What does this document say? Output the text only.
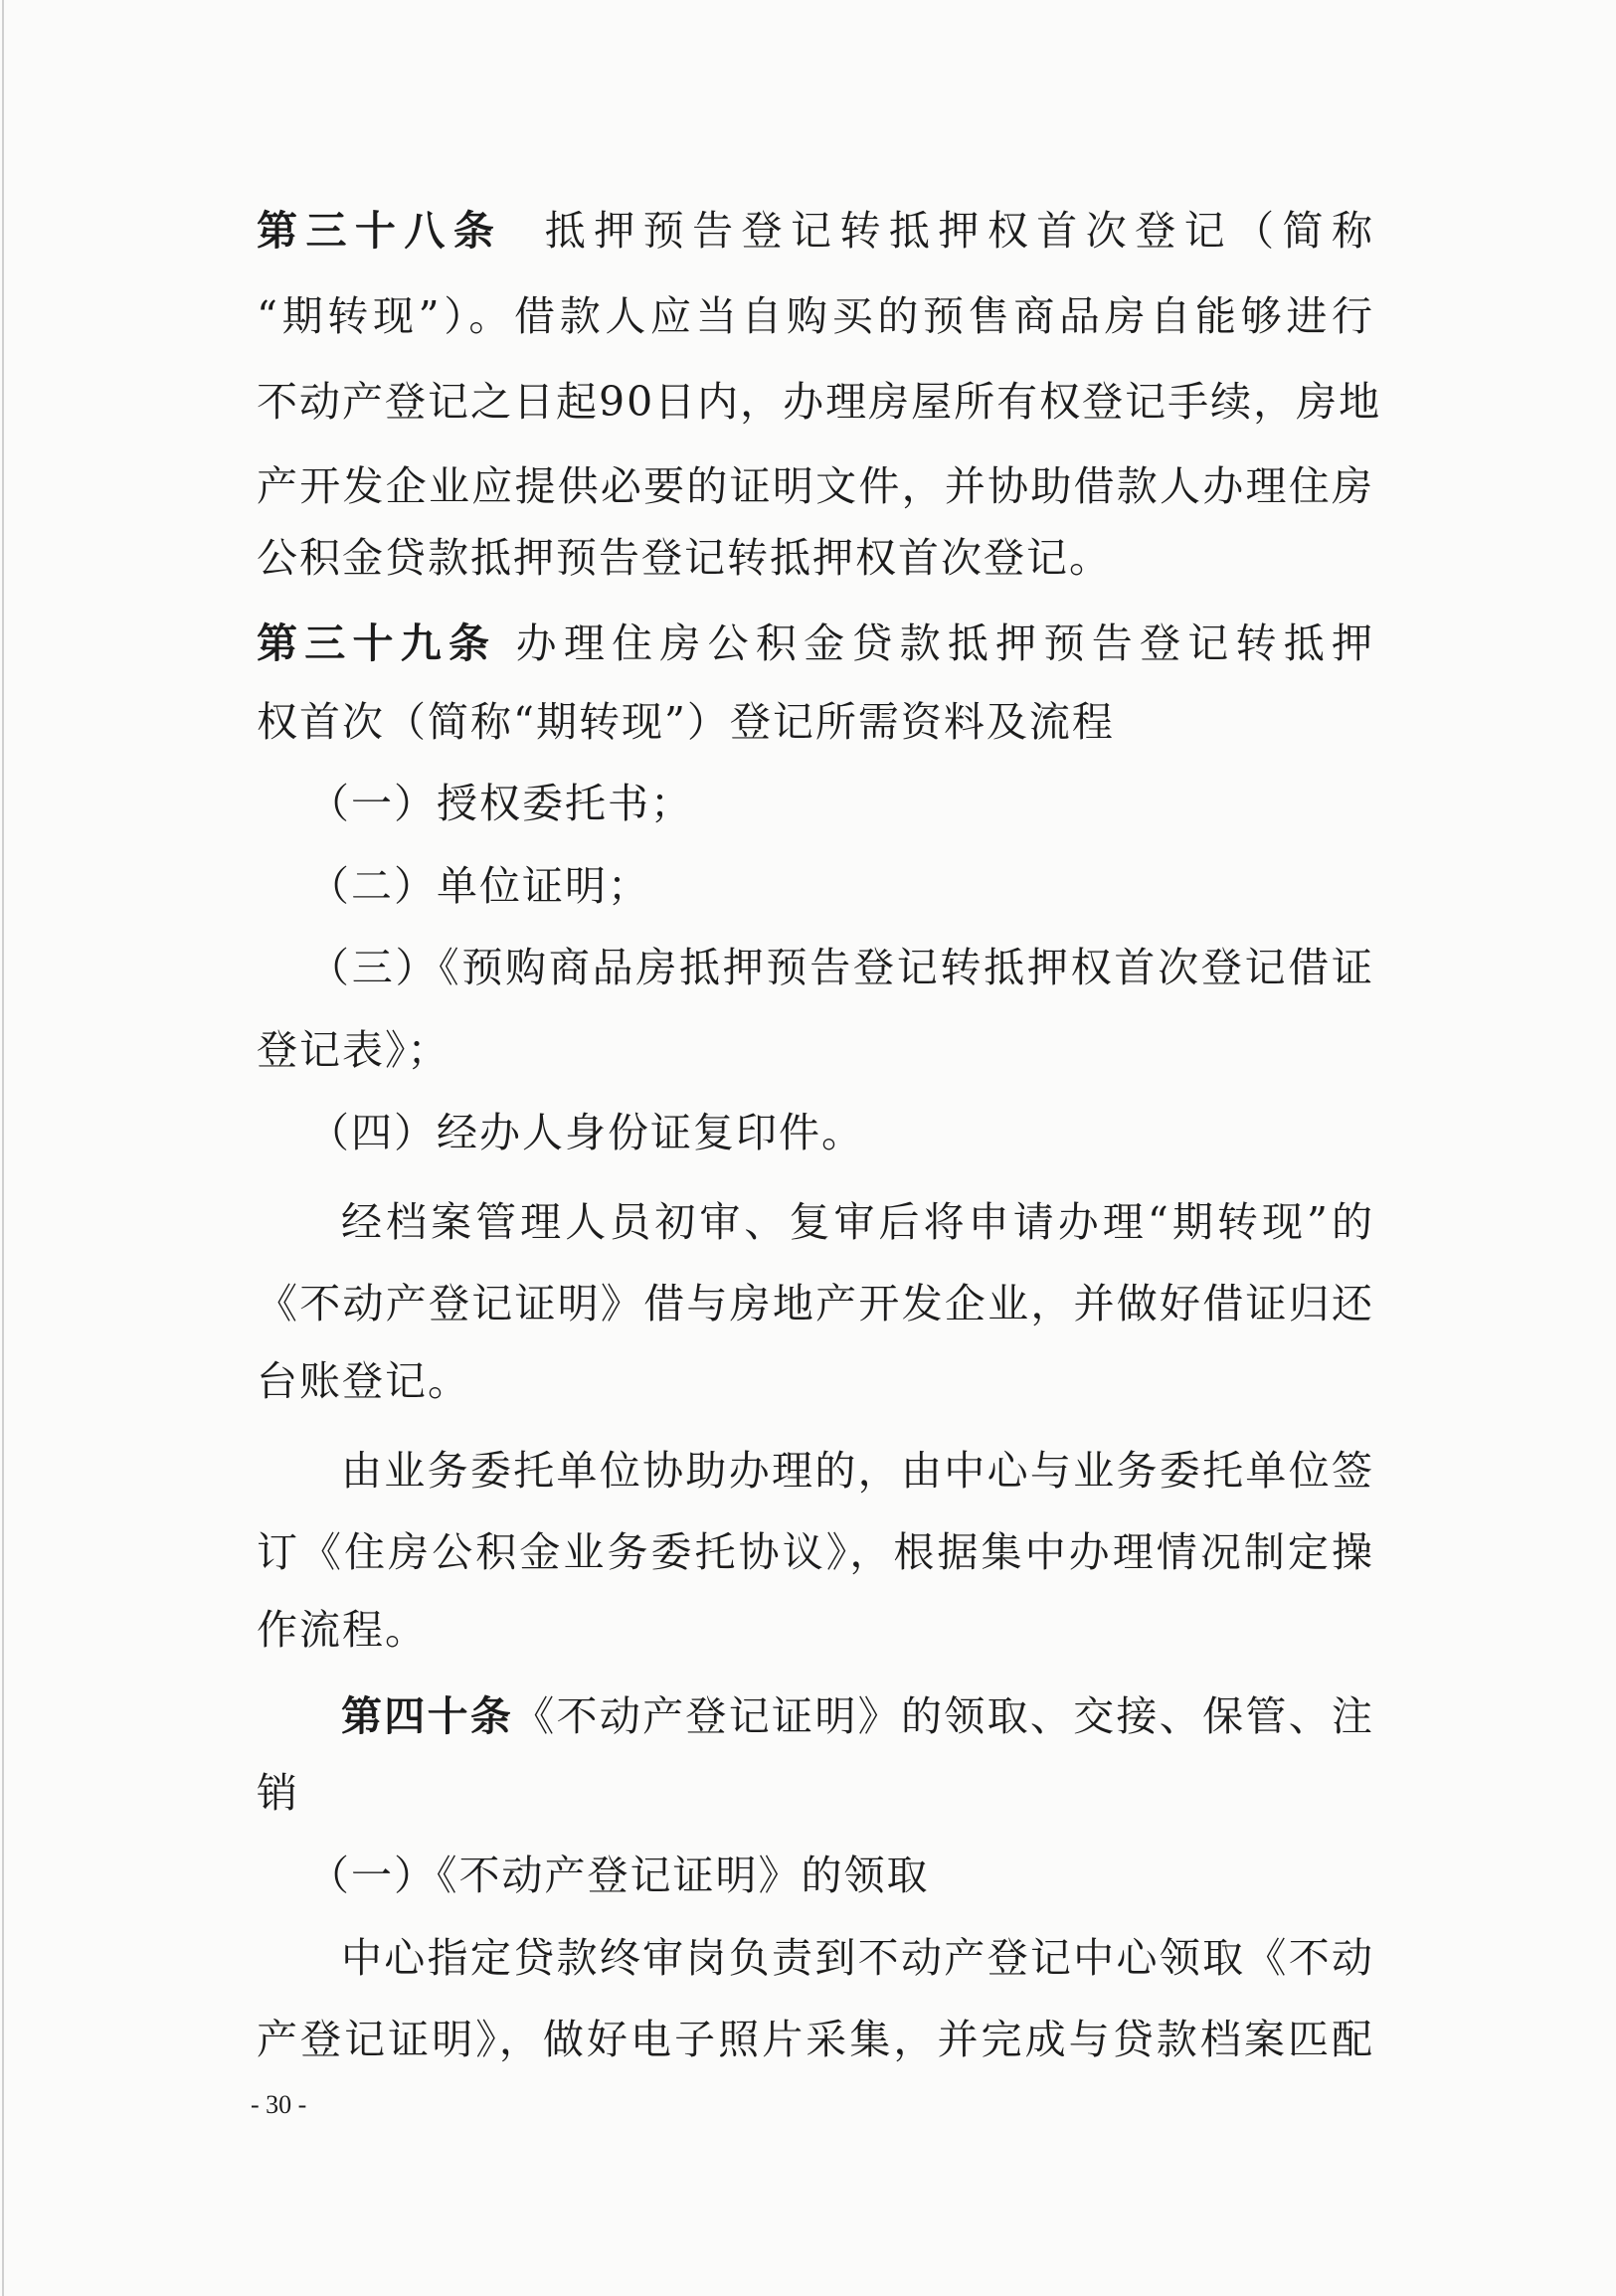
第三十八条 抵押预告登记转抵押权首次登记（简称
“期转现”）。借款人应当自购买的预售商品房自能够进行
不动产登记之日起90日内，办理房屋所有权登记手续，房地
产开发企业应提供必要的证明文件，并协助借款人办理住房
公积金贷款抵押预告登记转抵押权首次登记。
第三十九条 办理住房公积金贷款抵押预告登记转抵押
权首次（简称“期转现”）登记所需资料及流程
（一）授权委托书；
（二）单位证明；
（三）《预购商品房抵押预告登记转抵押权首次登记借证
登记表》；
（四）经办人身份证复印件。
经档案管理人员初审、复审后将申请办理“期转现”的
《不动产登记证明》借与房地产开发企业，并做好借证归还
台账登记。
由业务委托单位协助办理的，由中心与业务委托单位签
订《住房公积金业务委托协议》，根据集中办理情况制定操
作流程。
第四十条《不动产登记证明》的领取、交接、保管、注
销
（一）《不动产登记证明》的领取
中心指定贷款终审岗负责到不动产登记中心领取《不动
产登记证明》，做好电子照片采集，并完成与贷款档案匹配
- 30 -
